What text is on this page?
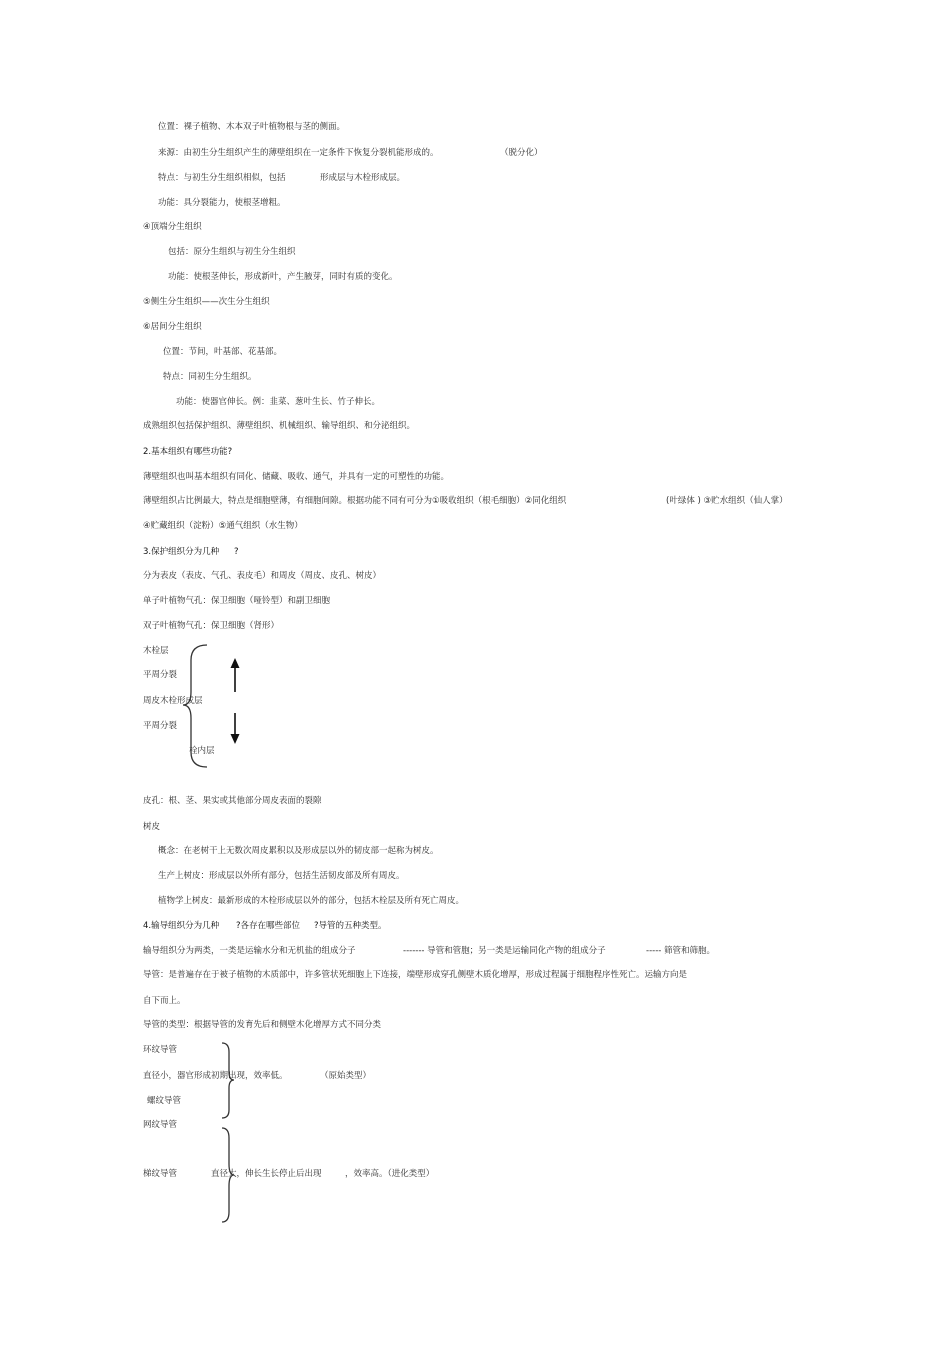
位置：裸子植物、木本双子叶植物根与茎的侧面。
来源：由初生分生组织产生的薄壁组织在一定条件下恢复分裂机能形成的。	（脱分化）
特点：与初生分生组织相似，包括	形成层与木栓形成层。
功能：具分裂能力，使根茎增粗。
④顶端分生组织
包括：原分生组织与初生分生组织
功能：使根茎伸长，形成新叶，产生腋芽，同时有质的变化。
⑤侧生分生组织——次生分生组织
⑥居间分生组织
位置：节间，叶基部、花基部。
特点：同初生分生组织。
功能：使器官伸长。例：韭菜、葱叶生长、竹子伸长。
成熟组织包括保护组织、薄壁组织、机械组织、输导组织、和分泌组织。
2.基本组织有哪些功能?
薄壁组织也叫基本组织有同化、储藏、吸收、通气，并具有一定的可塑性的功能。
薄壁组织占比例最大，特点是细胞壁薄，有细胞间隙。根据功能不同有可分为①吸收组织（根毛细胞）②同化组织	(叶绿体 ) ③贮水组织（仙人掌）
④贮藏组织（淀粉）⑤通气组织（水生物）
3.保护组织分为几种 ?
分为表皮（表皮、气孔、表皮毛）和周皮（周皮、皮孔、树皮）
单子叶植物气孔：保卫细胞（哑铃型）和副卫细胞
双子叶植物气孔：保卫细胞（肾形）
木栓层
平周分裂
周皮木栓形成层
平周分裂
栓内层
皮孔：根、茎、果实或其他部分周皮表面的裂隙
树皮
概念：在老树干上无数次周皮累积以及形成层以外的韧皮部一起称为树皮。
生产上树皮：形成层以外所有部分，包括生活韧皮部及所有周皮。
植物学上树皮：最新形成的木栓形成层以外的部分，包括木栓层及所有死亡周皮。
4.输导组织分为几种 ?各存在哪些部位 ?导管的五种类型。
输导组织分为两类，一类是运输水分和无机盐的组成分子	------- 导管和管胞；另一类是运输同化产物的组成分子	----- 筛管和筛胞。
导管：是普遍存在于被子植物的木质部中，许多管状死细胞上下连接，端壁形成穿孔侧壁木质化增厚，形成过程属于细胞程序性死亡。运输方向是
自下而上。
导管的类型：根据导管的发育先后和侧壁木化增厚方式不同分类
环纹导管
直径小，器官形成初期出现，效率低。	（原始类型）
螺纹导管
网纹导管
梯纹导管	直径大，伸长生长停止后出现	，效率高。（进化类型）
